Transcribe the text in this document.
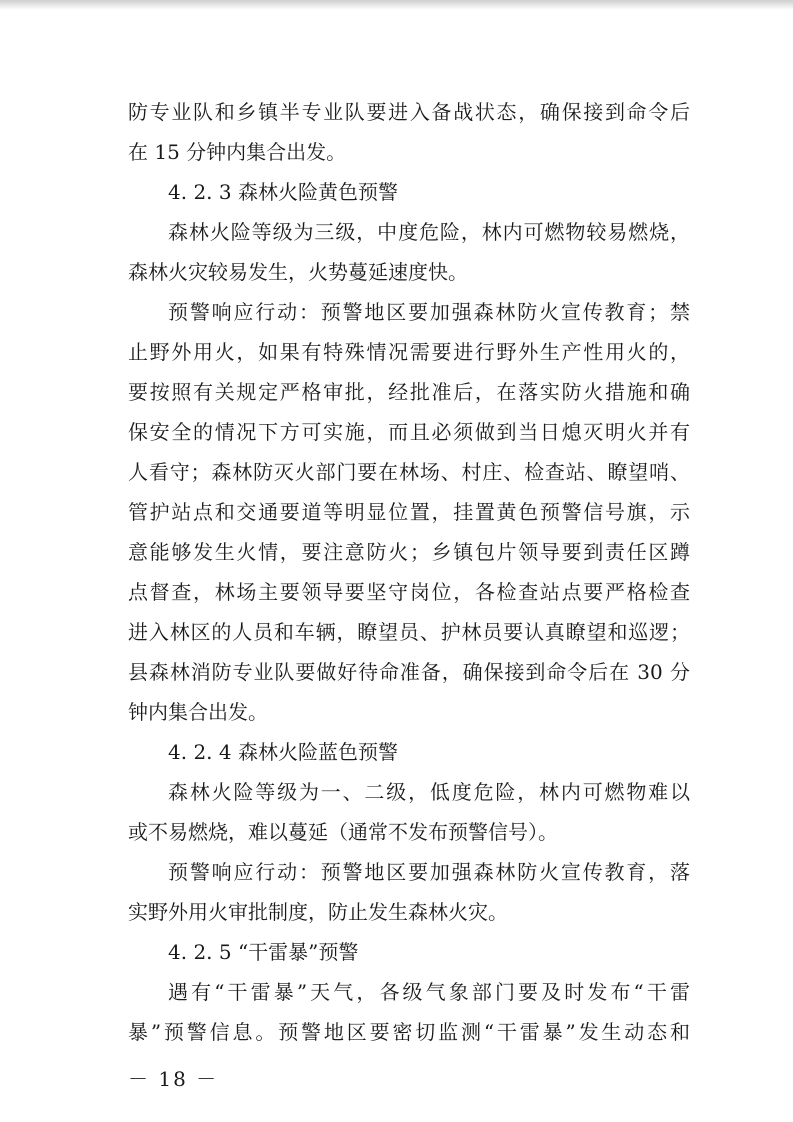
防专业队和乡镇半专业队要进入备战状态，确保接到命令后
在 15 分钟内集合出发。
4. 2. 3 森林火险黄色预警
森林火险等级为三级，中度危险，林内可燃物较易燃烧，
森林火灾较易发生，火势蔓延速度快。
预警响应行动：预警地区要加强森林防火宣传教育；禁
止野外用火，如果有特殊情况需要进行野外生产性用火的，
要按照有关规定严格审批，经批准后，在落实防火措施和确
保安全的情况下方可实施，而且必须做到当日熄灭明火并有
人看守；森林防灭火部门要在林场、村庄、检查站、瞭望哨、
管护站点和交通要道等明显位置，挂置黄色预警信号旗，示
意能够发生火情，要注意防火；乡镇包片领导要到责任区蹲
点督查，林场主要领导要坚守岗位，各检查站点要严格检查
进入林区的人员和车辆，瞭望员、护林员要认真瞭望和巡逻；
县森林消防专业队要做好待命准备，确保接到命令后在 30 分
钟内集合出发。
4. 2. 4 森林火险蓝色预警
森林火险等级为一、二级，低度危险，林内可燃物难以
或不易燃烧，难以蔓延（通常不发布预警信号）。
预警响应行动：预警地区要加强森林防火宣传教育，落
实野外用火审批制度，防止发生森林火灾。
4. 2. 5 “干雷暴”预警
遇有“干雷暴”天气，各级气象部门要及时发布“干雷
暴”预警信息。预警地区要密切监测“干雷暴”发生动态和
－ 18 －
